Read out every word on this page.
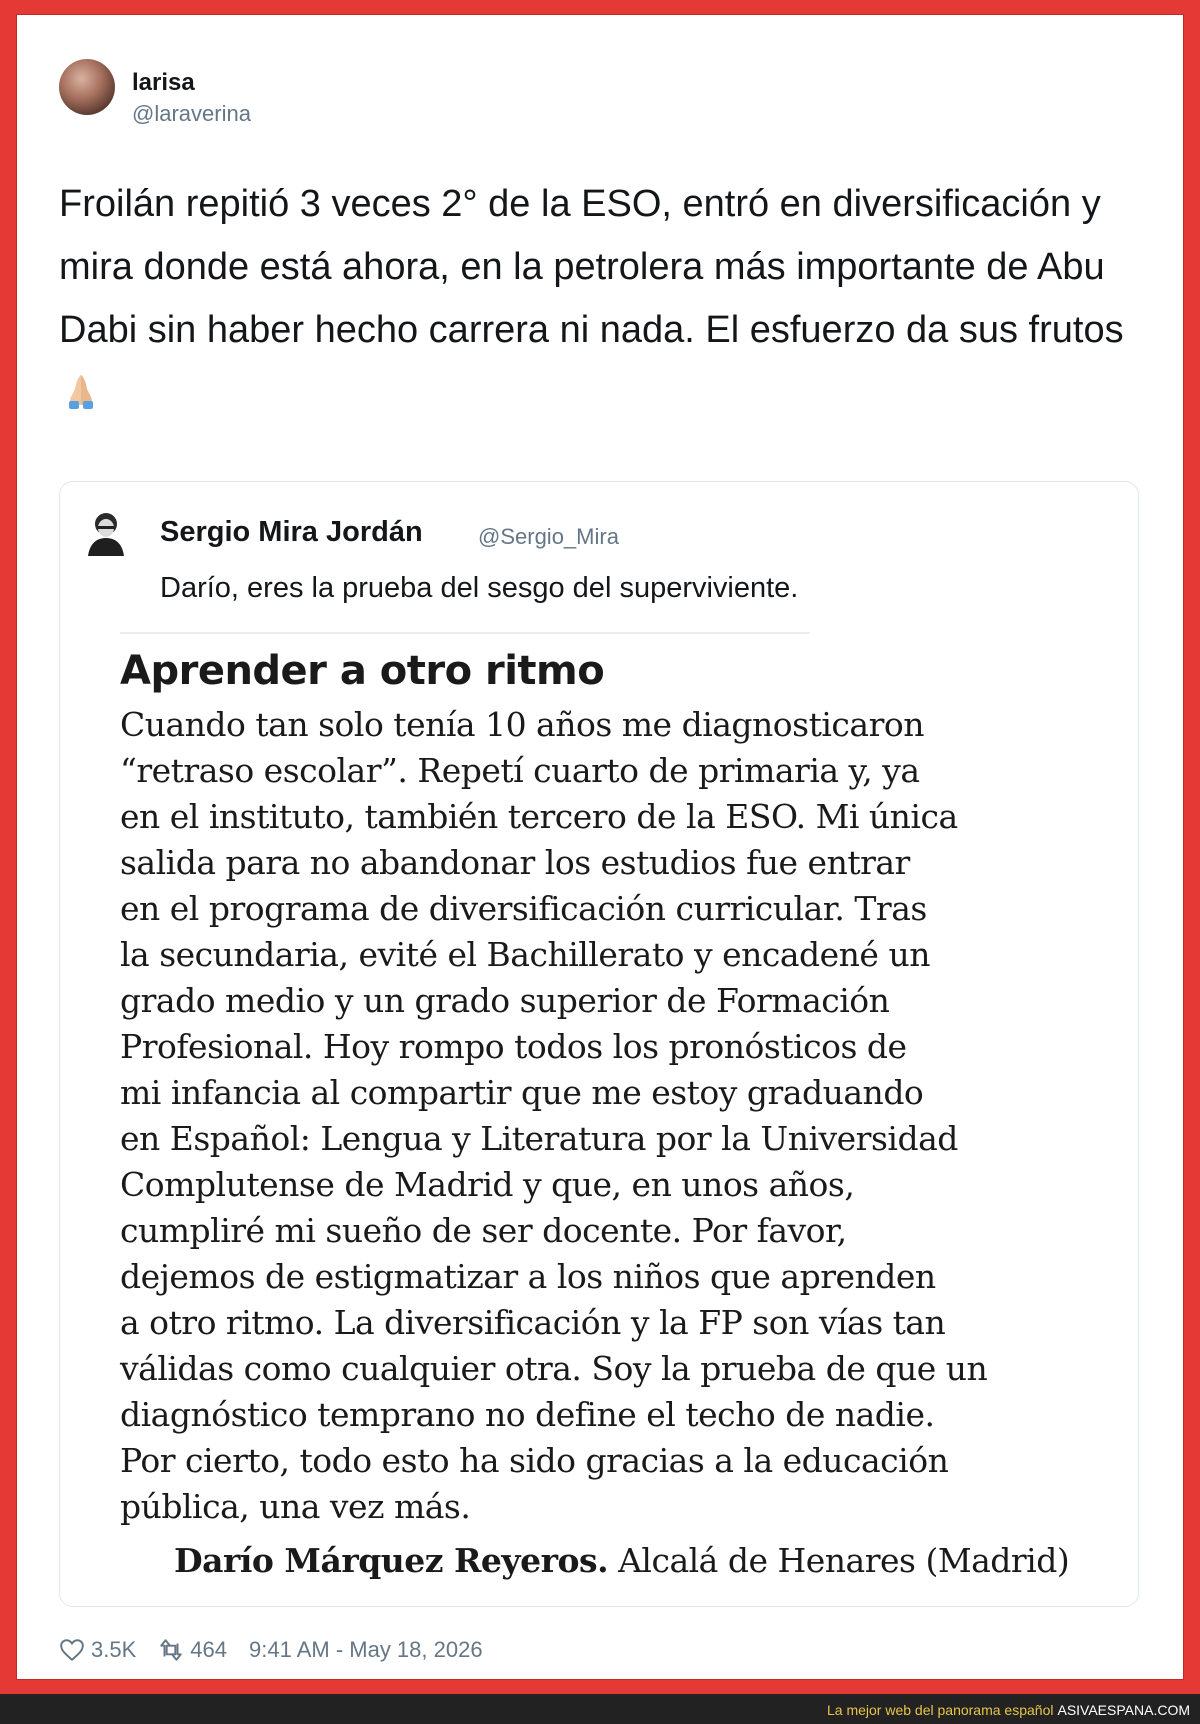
larisa
@laraverina
Froilán repitió 3 veces 2° de la ESO, entró en diversificación y mira donde está ahora, en la petrolera más importante de Abu Dabi sin haber hecho carrera ni nada. El esfuerzo da sus frutos
Sergio Mira Jordán	@Sergio_Mira
Darío, eres la prueba del sesgo del superviviente.
Aprender a otro ritmo
Cuando tan solo tenía 10 años me diagnosticaron
“retraso escolar”. Repetí cuarto de primaria y, ya
en el instituto, también tercero de la ESO. Mi única
salida para no abandonar los estudios fue entrar
en el programa de diversificación curricular. Tras
la secundaria, evité el Bachillerato y encadené un
grado medio y un grado superior de Formación
Profesional. Hoy rompo todos los pronósticos de
mi infancia al compartir que me estoy graduando
en Español: Lengua y Literatura por la Universidad
Complutense de Madrid y que, en unos años,
cumpliré mi sueño de ser docente. Por favor,
dejemos de estigmatizar a los niños que aprenden
a otro ritmo. La diversificación y la FP son vías tan
válidas como cualquier otra. Soy la prueba de que un
diagnóstico temprano no define el techo de nadie.
Por cierto, todo esto ha sido gracias a la educación
pública, una vez más.
Darío Márquez Reyeros. Alcalá de Henares (Madrid)
3.5K 464 9:41 AM - May 18, 2026
La mejor web del panorama español ASIVAESPANA.COM
